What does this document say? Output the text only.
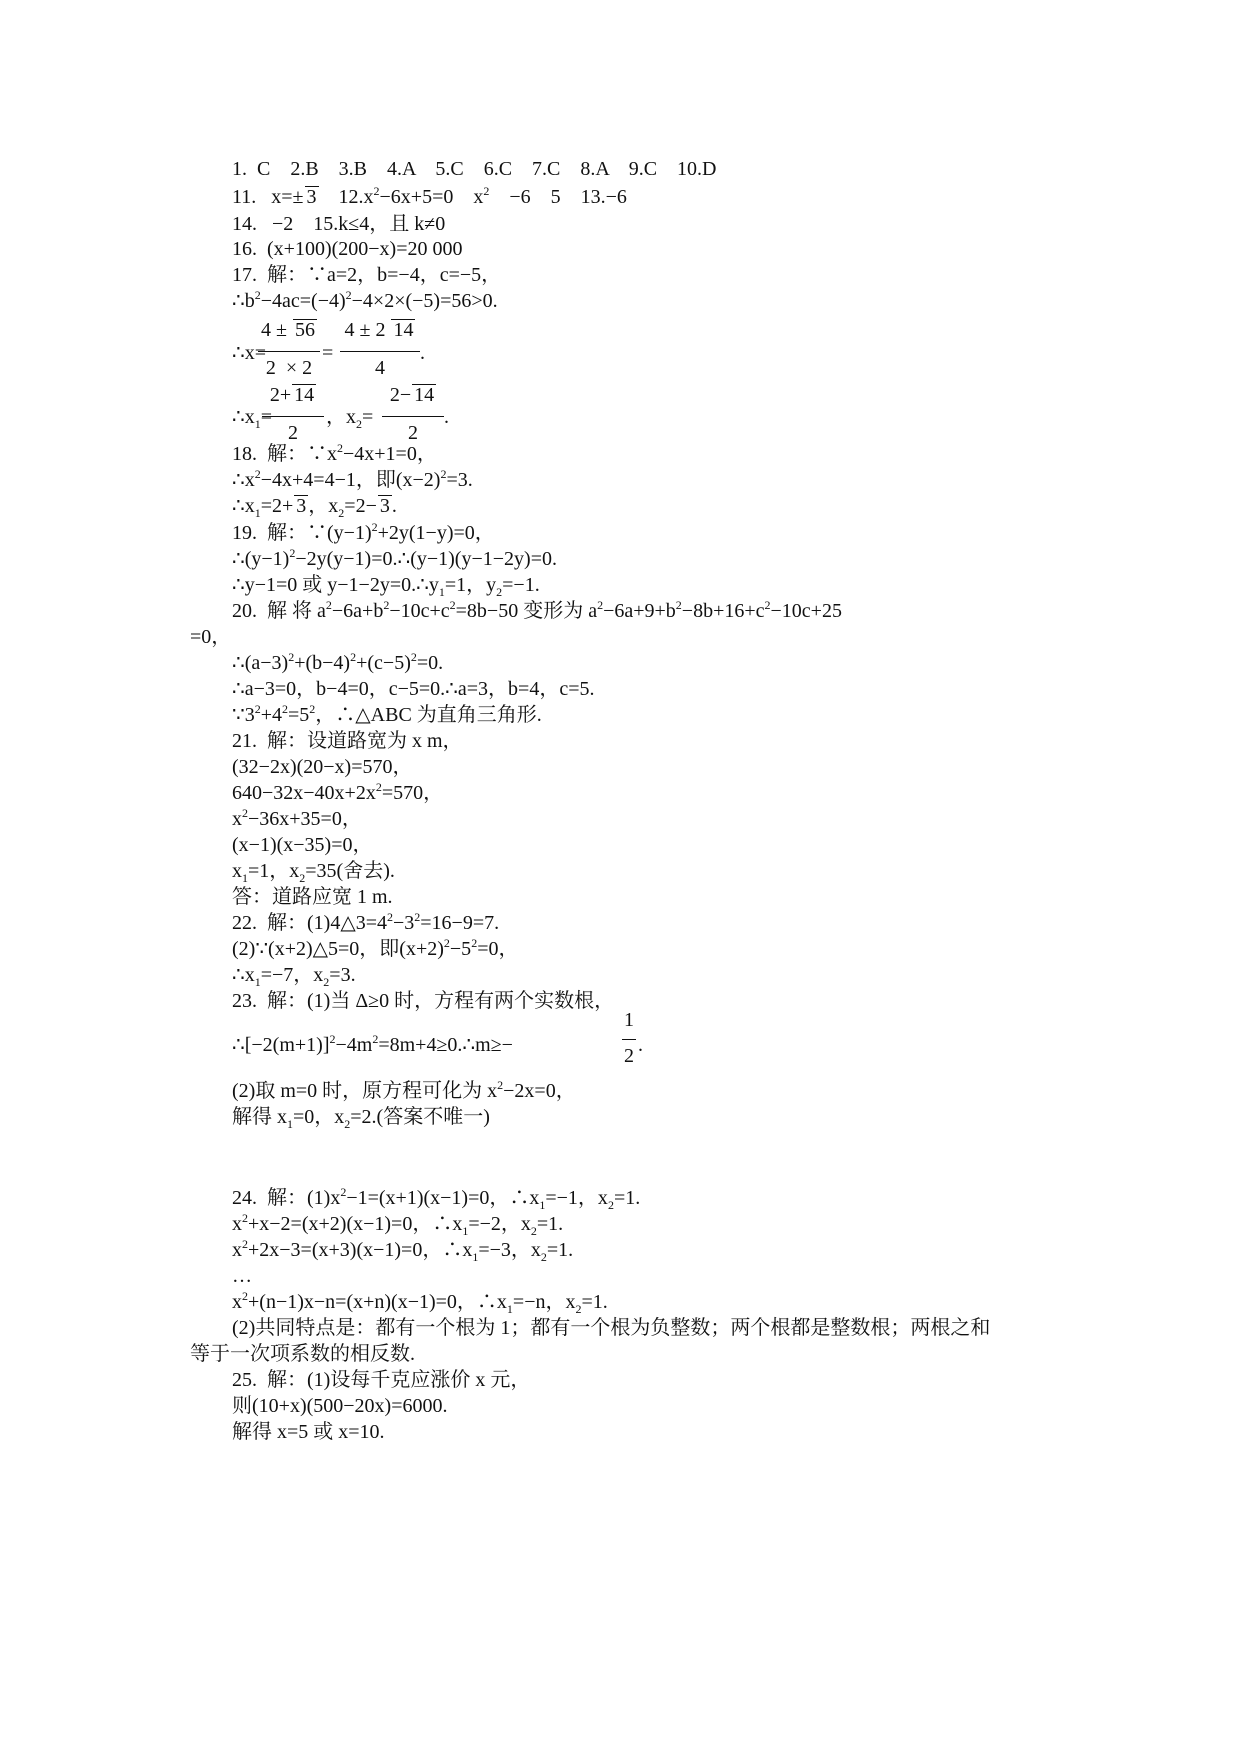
1.  C    2.B    3.B    4.A    5.C    6.C    7.C    8.A    9.C    10.D
11.   x=± 3    $12.x^2-6x+5=0$    $x^2$    −6    5    13.−6
14.   −2    15.k≤4，且 k≠0
16.  (x+100)(200−x)=20 000
17.  解：∵a=2，b=−4，c=−5，
$\therefore b^2-4ac=(-4)^2-4\times 2\times(-5)=56>0$.
∴x=
4 ± 56
2  × 2
=
4 ± 2 14
4
.
$\therefore x_1=$
2+ 14
2
，$x_2=$
2− 14
2
.
18.  解：$\because x^2-4x+1=0$，
$\therefore x^2-4x+4=4-1$，即$(x-2)^2=3$.
$\therefore x_1=2+ 3$ ，$x_2=2- 3$ .
19.  解：$\because(y-1)^2+2y(1-y)=0$，
$\therefore(y-1)^2-2y(y-1)=0.\therefore(y-1)(y-1-2y)=0$.
∴y−1=0 或 $y-1-2y=0.\therefore y_1=1$，$y_2=-1$.
20.  解 将 $a^2-6a+b^2-10c+c^2=8b-50$ 变形为 $a^2-6a+9+b^2-8b+16+c^2-10c+25$
=0，
$\therefore(a-3)^2+(b-4)^2+(c-5)^2=0$.
∴a−3=0，b−4=0，c−5=0.∴a=3，b=4，c=5.
$\because 3^2+4^2=5^2$，∴△ABC 为直角三角形.
21.  解：设道路宽为 x m，
(32−2x)(20−x)=570，
$640-32x-40x+2x^2=570$，
$x^2-36x+35=0$，
(x−1)(x−35)=0，
$x_1=1$，$x_2=35$(舍去).
答：道路应宽 1 m.
22.  解：$(1)4\triangle 3=4^2-3^2=16-9=7$.
(2)∵(x+2)△5=0，即$(x+2)^2-5^2=0$，
$\therefore x_1=-7$，$x_2=3$.
23.  解：(1)当 Δ≥0 时，方程有两个实数根，
$\therefore[-2(m+1)]^2-4m^2=8m+4\ge 0.\therefore m\ge-$
1
2 .
(2)取 m=0 时，原方程可化为 $x^2-2x=0$，
解得 $x_1=0$，$x_2=2$.(答案不唯一)
24.  解：$(1)x^2-1=(x+1)(x-1)=0$，$\therefore x_1=-1$，$x_2=1$.
$x^2+x-2=(x+2)(x-1)=0$，$\therefore x_1=-2$，$x_2=1$.
$x^2+2x-3=(x+3)(x-1)=0$，$\therefore x_1=-3$，$x_2=1$.
…
$x^2+(n-1)x-n=(x+n)(x-1)=0$，$\therefore x_1=-n$，$x_2=1$.
(2)共同特点是：都有一个根为 1；都有一个根为负整数；两个根都是整数根；两根之和
等于一次项系数的相反数.
25.  解：(1)设每千克应涨价 x 元，
则(10+x)(500−20x)=6000.
解得 x=5 或 x=10.
